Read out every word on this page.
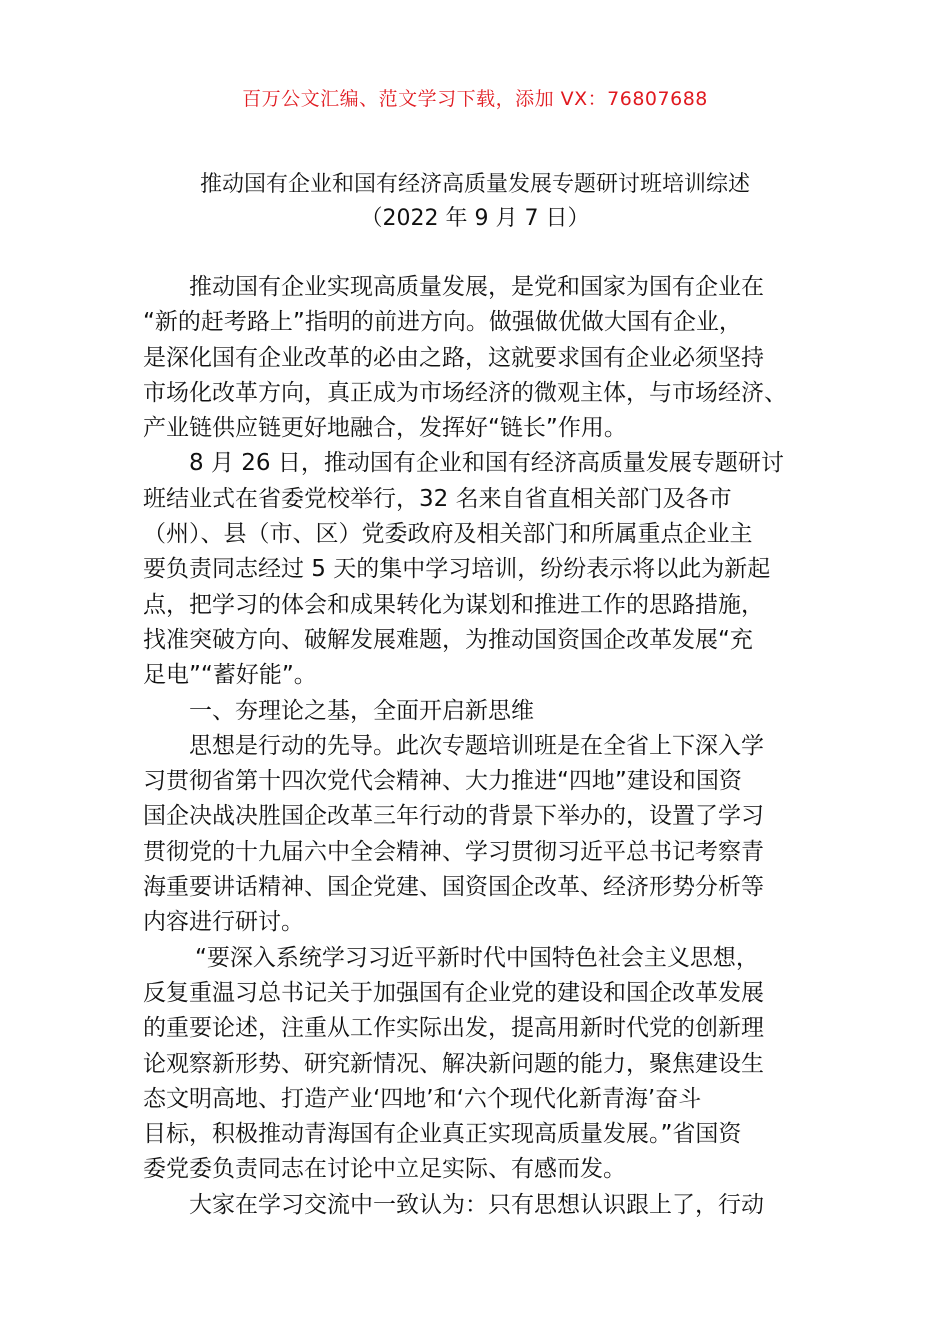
百万公文汇编、范文学习下载，添加 VX：76807688
推动国有企业和国有经济高质量发展专题研讨班培训综述
（2022 年 9 月 7 日）
推动国有企业实现高质量发展，是党和国家为国有企业在
“新的赶考路上”指明的前进方向。做强做优做大国有企业，
是深化国有企业改革的必由之路，这就要求国有企业必须坚持
市场化改革方向，真正成为市场经济的微观主体，与市场经济、
产业链供应链更好地融合，发挥好“链长”作用。
8 月 26 日，推动国有企业和国有经济高质量发展专题研讨
班结业式在省委党校举行，32 名来自省直相关部门及各市
（州）、县（市、区）党委政府及相关部门和所属重点企业主
要负责同志经过 5 天的集中学习培训，纷纷表示将以此为新起
点，把学习的体会和成果转化为谋划和推进工作的思路措施，
找准突破方向、破解发展难题，为推动国资国企改革发展“充
足电”“蓄好能”。
一、夯理论之基，全面开启新思维
思想是行动的先导。此次专题培训班是在全省上下深入学
习贯彻省第十四次党代会精神、大力推进“四地”建设和国资
国企决战决胜国企改革三年行动的背景下举办的，设置了学习
贯彻党的十九届六中全会精神、学习贯彻习近平总书记考察青
海重要讲话精神、国企党建、国资国企改革、经济形势分析等
内容进行研讨。
“要深入系统学习习近平新时代中国特色社会主义思想，
反复重温习总书记关于加强国有企业党的建设和国企改革发展
的重要论述，注重从工作实际出发，提高用新时代党的创新理
论观察新形势、研究新情况、解决新问题的能力，聚焦建设生
态文明高地、打造产业‘四地’和‘六个现代化新青海’奋斗
目标，积极推动青海国有企业真正实现高质量发展。”省国资
委党委负责同志在讨论中立足实际、有感而发。
大家在学习交流中一致认为：只有思想认识跟上了，行动
